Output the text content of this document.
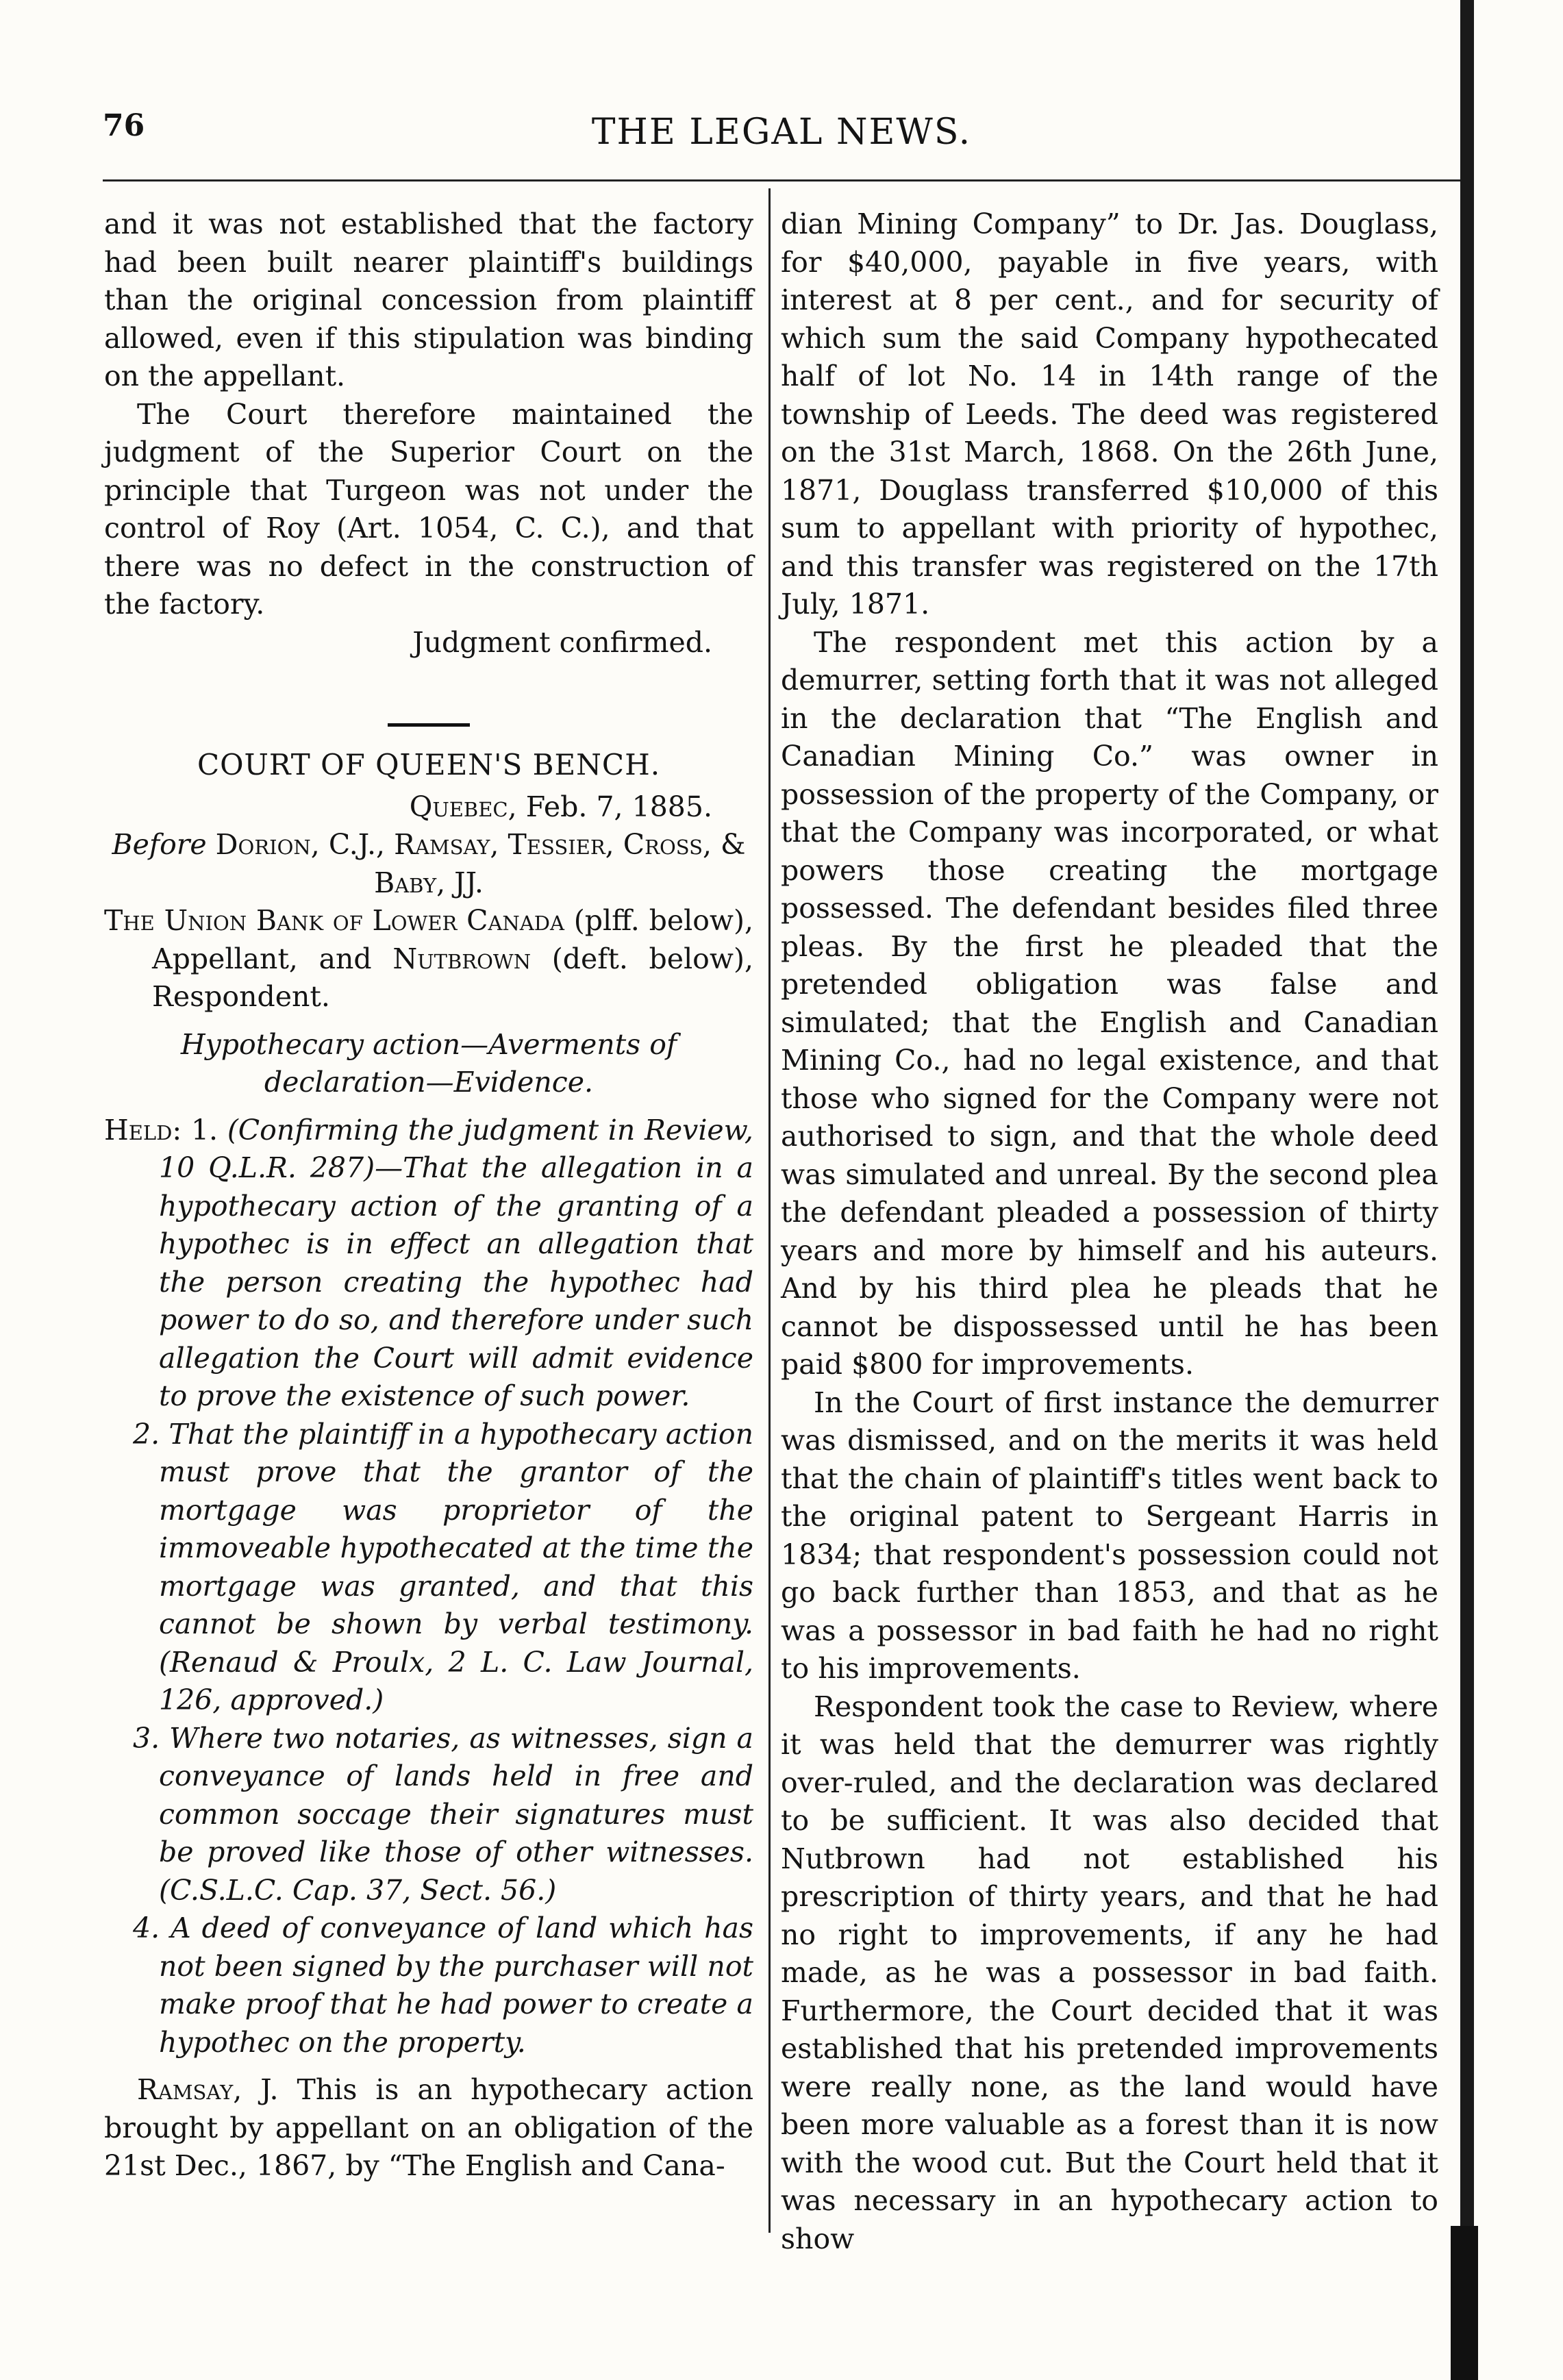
76	THE LEGAL NEWS.

and it was not established that the factory had been built nearer plaintiff's buildings than the original concession from plaintiff allowed, even if this stipulation was binding on the appellant.

The Court therefore maintained the judgment of the Superior Court on the principle that Turgeon was not under the control of Roy (Art. 1054, C. C.), and that there was no defect in the construction of the factory.

Judgment confirmed.

COURT OF QUEEN'S BENCH.

Quebec, Feb. 7, 1885.

Before Dorion, C.J., Ramsay, Tessier, Cross, & Baby, JJ.

The Union Bank of Lower Canada (plff. below), Appellant, and Nutbrown (deft. below), Respondent.

Hypothecary action—Averments of declaration—Evidence.

Held: 1. (Confirming the judgment in Review, 10 Q.L.R. 287)—That the allegation in a hypothecary action of the granting of a hypothec is in effect an allegation that the person creating the hypothec had power to do so, and therefore under such allegation the Court will admit evidence to prove the existence of such power.

2. That the plaintiff in a hypothecary action must prove that the grantor of the mortgage was proprietor of the immoveable hypothecated at the time the mortgage was granted, and that this cannot be shown by verbal testimony. (Renaud & Proulx, 2 L. C. Law Journal, 126, approved.)

3. Where two notaries, as witnesses, sign a conveyance of lands held in free and common soccage their signatures must be proved like those of other witnesses. (C.S.L.C. Cap. 37, Sect. 56.)

4. A deed of conveyance of land which has not been signed by the purchaser will not make proof that he had power to create a hypothec on the property.

Ramsay, J. This is an hypothecary action brought by appellant on an obligation of the 21st Dec., 1867, by “The English and Cana-

dian Mining Company” to Dr. Jas. Douglass, for $40,000, payable in five years, with interest at 8 per cent., and for security of which sum the said Company hypothecated half of lot No. 14 in 14th range of the township of Leeds. The deed was registered on the 31st March, 1868. On the 26th June, 1871, Douglass transferred $10,000 of this sum to appellant with priority of hypothec, and this transfer was registered on the 17th July, 1871.

The respondent met this action by a demurrer, setting forth that it was not alleged in the declaration that “The English and Canadian Mining Co.” was owner in possession of the property of the Company, or that the Company was incorporated, or what powers those creating the mortgage possessed. The defendant besides filed three pleas. By the first he pleaded that the pretended obligation was false and simulated; that the English and Canadian Mining Co., had no legal existence, and that those who signed for the Company were not authorised to sign, and that the whole deed was simulated and unreal. By the second plea the defendant pleaded a possession of thirty years and more by himself and his auteurs. And by his third plea he pleads that he cannot be dispossessed until he has been paid $800 for improvements.

In the Court of first instance the demurrer was dismissed, and on the merits it was held that the chain of plaintiff's titles went back to the original patent to Sergeant Harris in 1834; that respondent's possession could not go back further than 1853, and that as he was a possessor in bad faith he had no right to his improvements.

Respondent took the case to Review, where it was held that the demurrer was rightly over-ruled, and the declaration was declared to be sufficient. It was also decided that Nutbrown had not established his prescription of thirty years, and that he had no right to improvements, if any he had made, as he was a possessor in bad faith. Furthermore, the Court decided that it was established that his pretended improvements were really none, as the land would have been more valuable as a forest than it is now with the wood cut. But the Court held that it was necessary in an hypothecary action to show
